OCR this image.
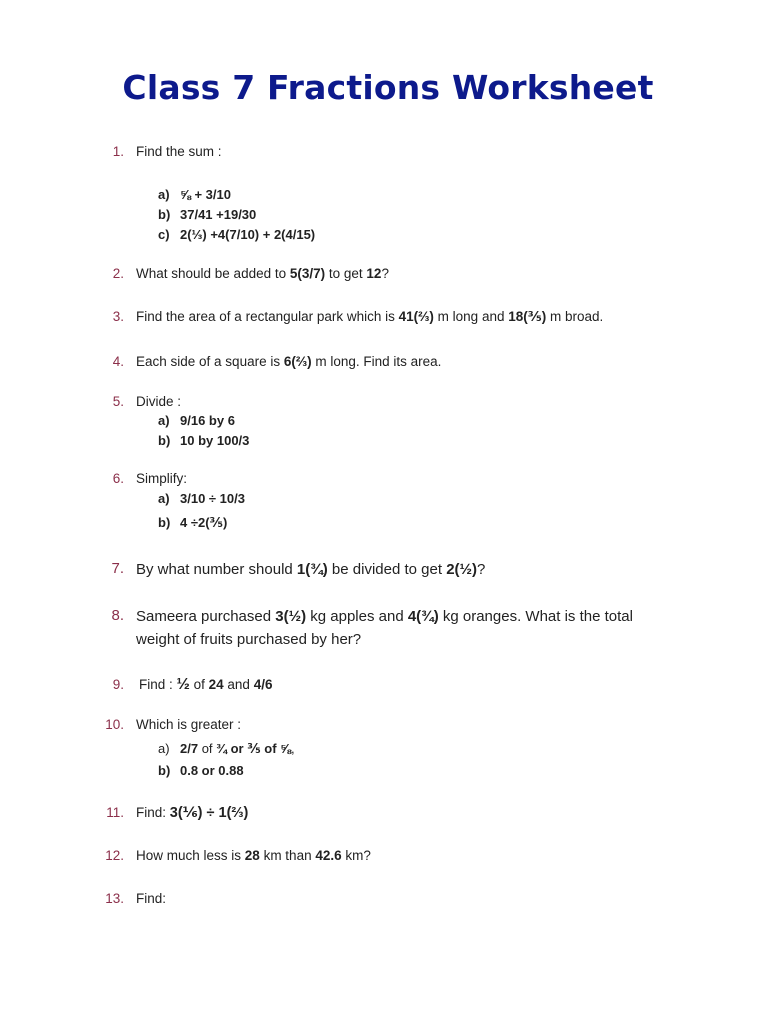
Class 7 Fractions Worksheet
1. Find the sum :
a) ⅝ + 3/10
b) 37/41 +19/30
c) 2(⅓) +4(7/10) + 2(4/15)
2. What should be added to 5(3/7) to get 12?
3. Find the area of a rectangular park which is 41(⅔) m long and 18(⅗) m broad.
4. Each side of a square is 6(⅔) m long. Find its area.
5. Divide :
a) 9/16 by 6
b) 10 by 100/3
6. Simplify:
a) 3/10 ÷ 10/3
b) 4 ÷2(⅗)
7. By what number should 1(¾) be divided to get 2(½)?
8. Sameera purchased 3(½) kg apples and 4(¾) kg oranges. What is the total weight of fruits purchased by her?
9. Find : ½ of 24 and 4/6
10. Which is greater :
a) 2/7 of ¾ or ⅗ of ⅝,
b) 0.8 or 0.88
11. Find: 3(⅙) ÷ 1(⅔)
12. How much less is 28 km than 42.6 km?
13. Find:
